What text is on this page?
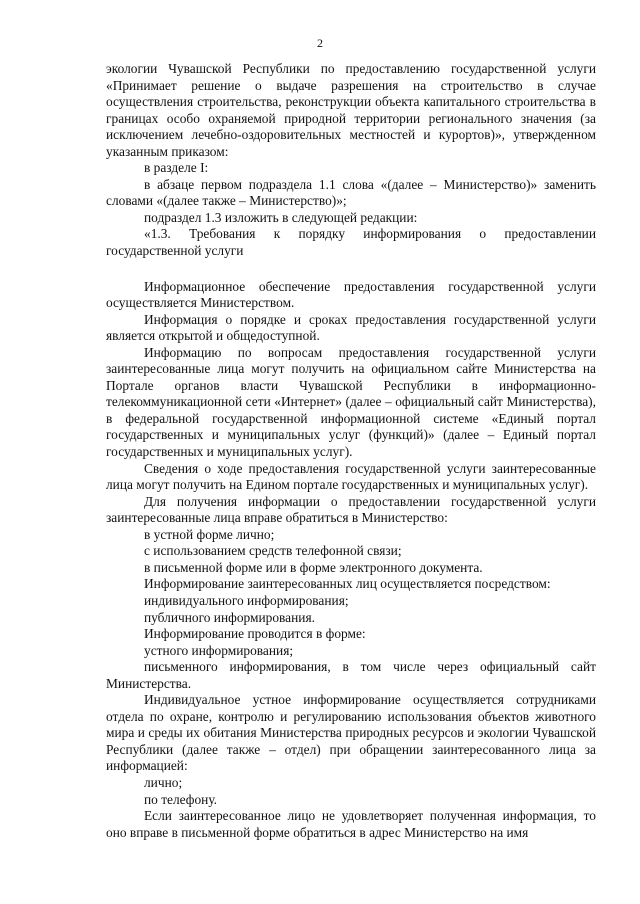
2

экологии Чувашской Республики по предоставлению государственной услуги «Принимает решение о выдаче разрешения на строительство в случае осуществления строительства, реконструкции объекта капитального строительства в границах особо охраняемой природной территории регионального значения (за исключением лечебно-оздоровительных местностей и курортов)», утвержденном указанным приказом:

в разделе I:

в абзаце первом подраздела 1.1 слова «(далее – Министерство)» заменить словами «(далее также – Министерство)»;

подраздел 1.3 изложить в следующей редакции:

«1.3. Требования к порядку информирования о предоставлении государственной услуги

Информационное обеспечение предоставления государственной услуги осуществляется Министерством.

Информация о порядке и сроках предоставления государственной услуги является открытой и общедоступной.

Информацию по вопросам предоставления государственной услуги заинтересованные лица могут получить на официальном сайте Министерства на Портале органов власти Чувашской Республики в информационно-телекоммуникационной сети «Интернет» (далее – официальный сайт Министерства), в федеральной государственной информационной системе «Единый портал государственных и муниципальных услуг (функций)» (далее – Единый портал государственных и муниципальных услуг).

Сведения о ходе предоставления государственной услуги заинтересованные лица могут получить на Едином портале государственных и муниципальных услуг).

Для получения информации о предоставлении государственной услуги заинтересованные лица вправе обратиться в Министерство:

в устной форме лично;

с использованием средств телефонной связи;

в письменной форме или в форме электронного документа.

Информирование заинтересованных лиц осуществляется посредством:

индивидуального информирования;

публичного информирования.

Информирование проводится в форме:

устного информирования;

письменного информирования, в том числе через официальный сайт Министерства.

Индивидуальное устное информирование осуществляется сотрудниками отдела по охране, контролю и регулированию использования объектов животного мира и среды их обитания Министерства природных ресурсов и экологии Чувашской Республики (далее также – отдел) при обращении заинтересованного лица за информацией:

лично;

по телефону.

Если заинтересованное лицо не удовлетворяет полученная информация, то оно вправе в письменной форме обратиться в адрес Министерство на имя
